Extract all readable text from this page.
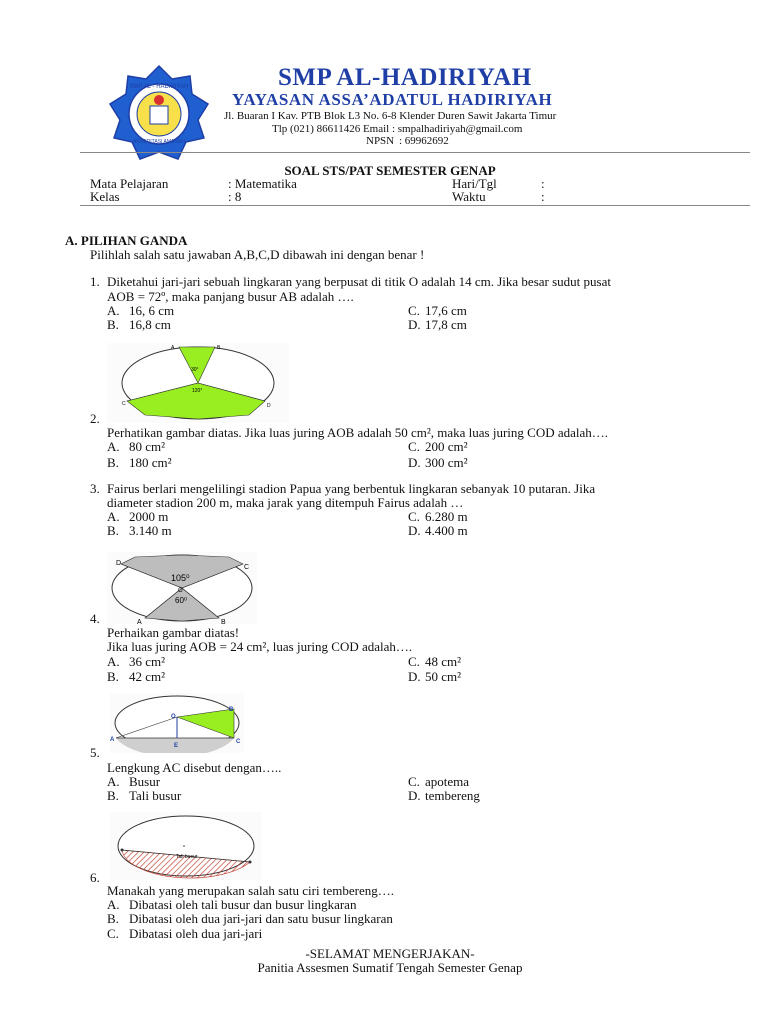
SMP AL - HADIRIYAH
AKREDITASI AMANAH
SMP AL-HADIRIYAH
YAYASAN ASSA’ADATUL HADIRIYAH
Jl. Buaran I Kav. PTB Blok L3 No. 6-8 Klender Duren Sawit Jakarta Timur
Tlp (021) 86611426 Email : smpalhadiriyah@gmail.com
NPSN : 69962692
SOAL STS/PAT SEMESTER GENAP
Mata Pelajaran	: Matematika	Hari/Tgl	:
Kelas	: 8	Waktu	:
A. PILIHAN GANDA
Pilihlah salah satu jawaban A,B,C,D dibawah ini dengan benar !
1. Diketahui jari-jari sebuah lingkaran yang berpusat di titik O adalah 14 cm. Jika besar sudut pusat
AOB = 72º, maka panjang busur AB adalah ….
A. 16, 6 cm
B. 16,8 cm
C. 17,6 cm
D. 17,8 cm
A	B
C	D
30°
120°
2.
Perhatikan gambar diatas. Jika luas juring AOB adalah 50 cm², maka luas juring COD adalah….
A. 80 cm²
B. 180 cm²
C. 200 cm²
D. 300 cm²
3. Fairus berlari mengelilingi stadion Papua yang berbentuk lingkaran sebanyak 10 putaran. Jika
diameter stadion 200 m, maka jarak yang ditempuh Fairus adalah …
A. 2000 m
B. 3.140 m
C. 6.280 m
D. 4.400 m
D
C
A	B
O
105⁰
60⁰
4.
Perhaikan gambar diatas!
Jika luas juring AOB = 24 cm², luas juring COD adalah….
A. 36 cm²
B. 42 cm²
C. 48 cm²
D. 50 cm²
A
B
C
E
O
5.
Lengkung AC disebut dengan…..
A. Busur
B. Tali busur
C. apotema
D. tembereng
Tali busur
6.
Manakah yang merupakan salah satu ciri tembereng….
A. Dibatasi oleh tali busur dan busur lingkaran
B. Dibatasi oleh dua jari-jari dan satu busur lingkaran
C. Dibatasi oleh dua jari-jari
-SELAMAT MENGERJAKAN-
Panitia Assesmen Sumatif Tengah Semester Genap
